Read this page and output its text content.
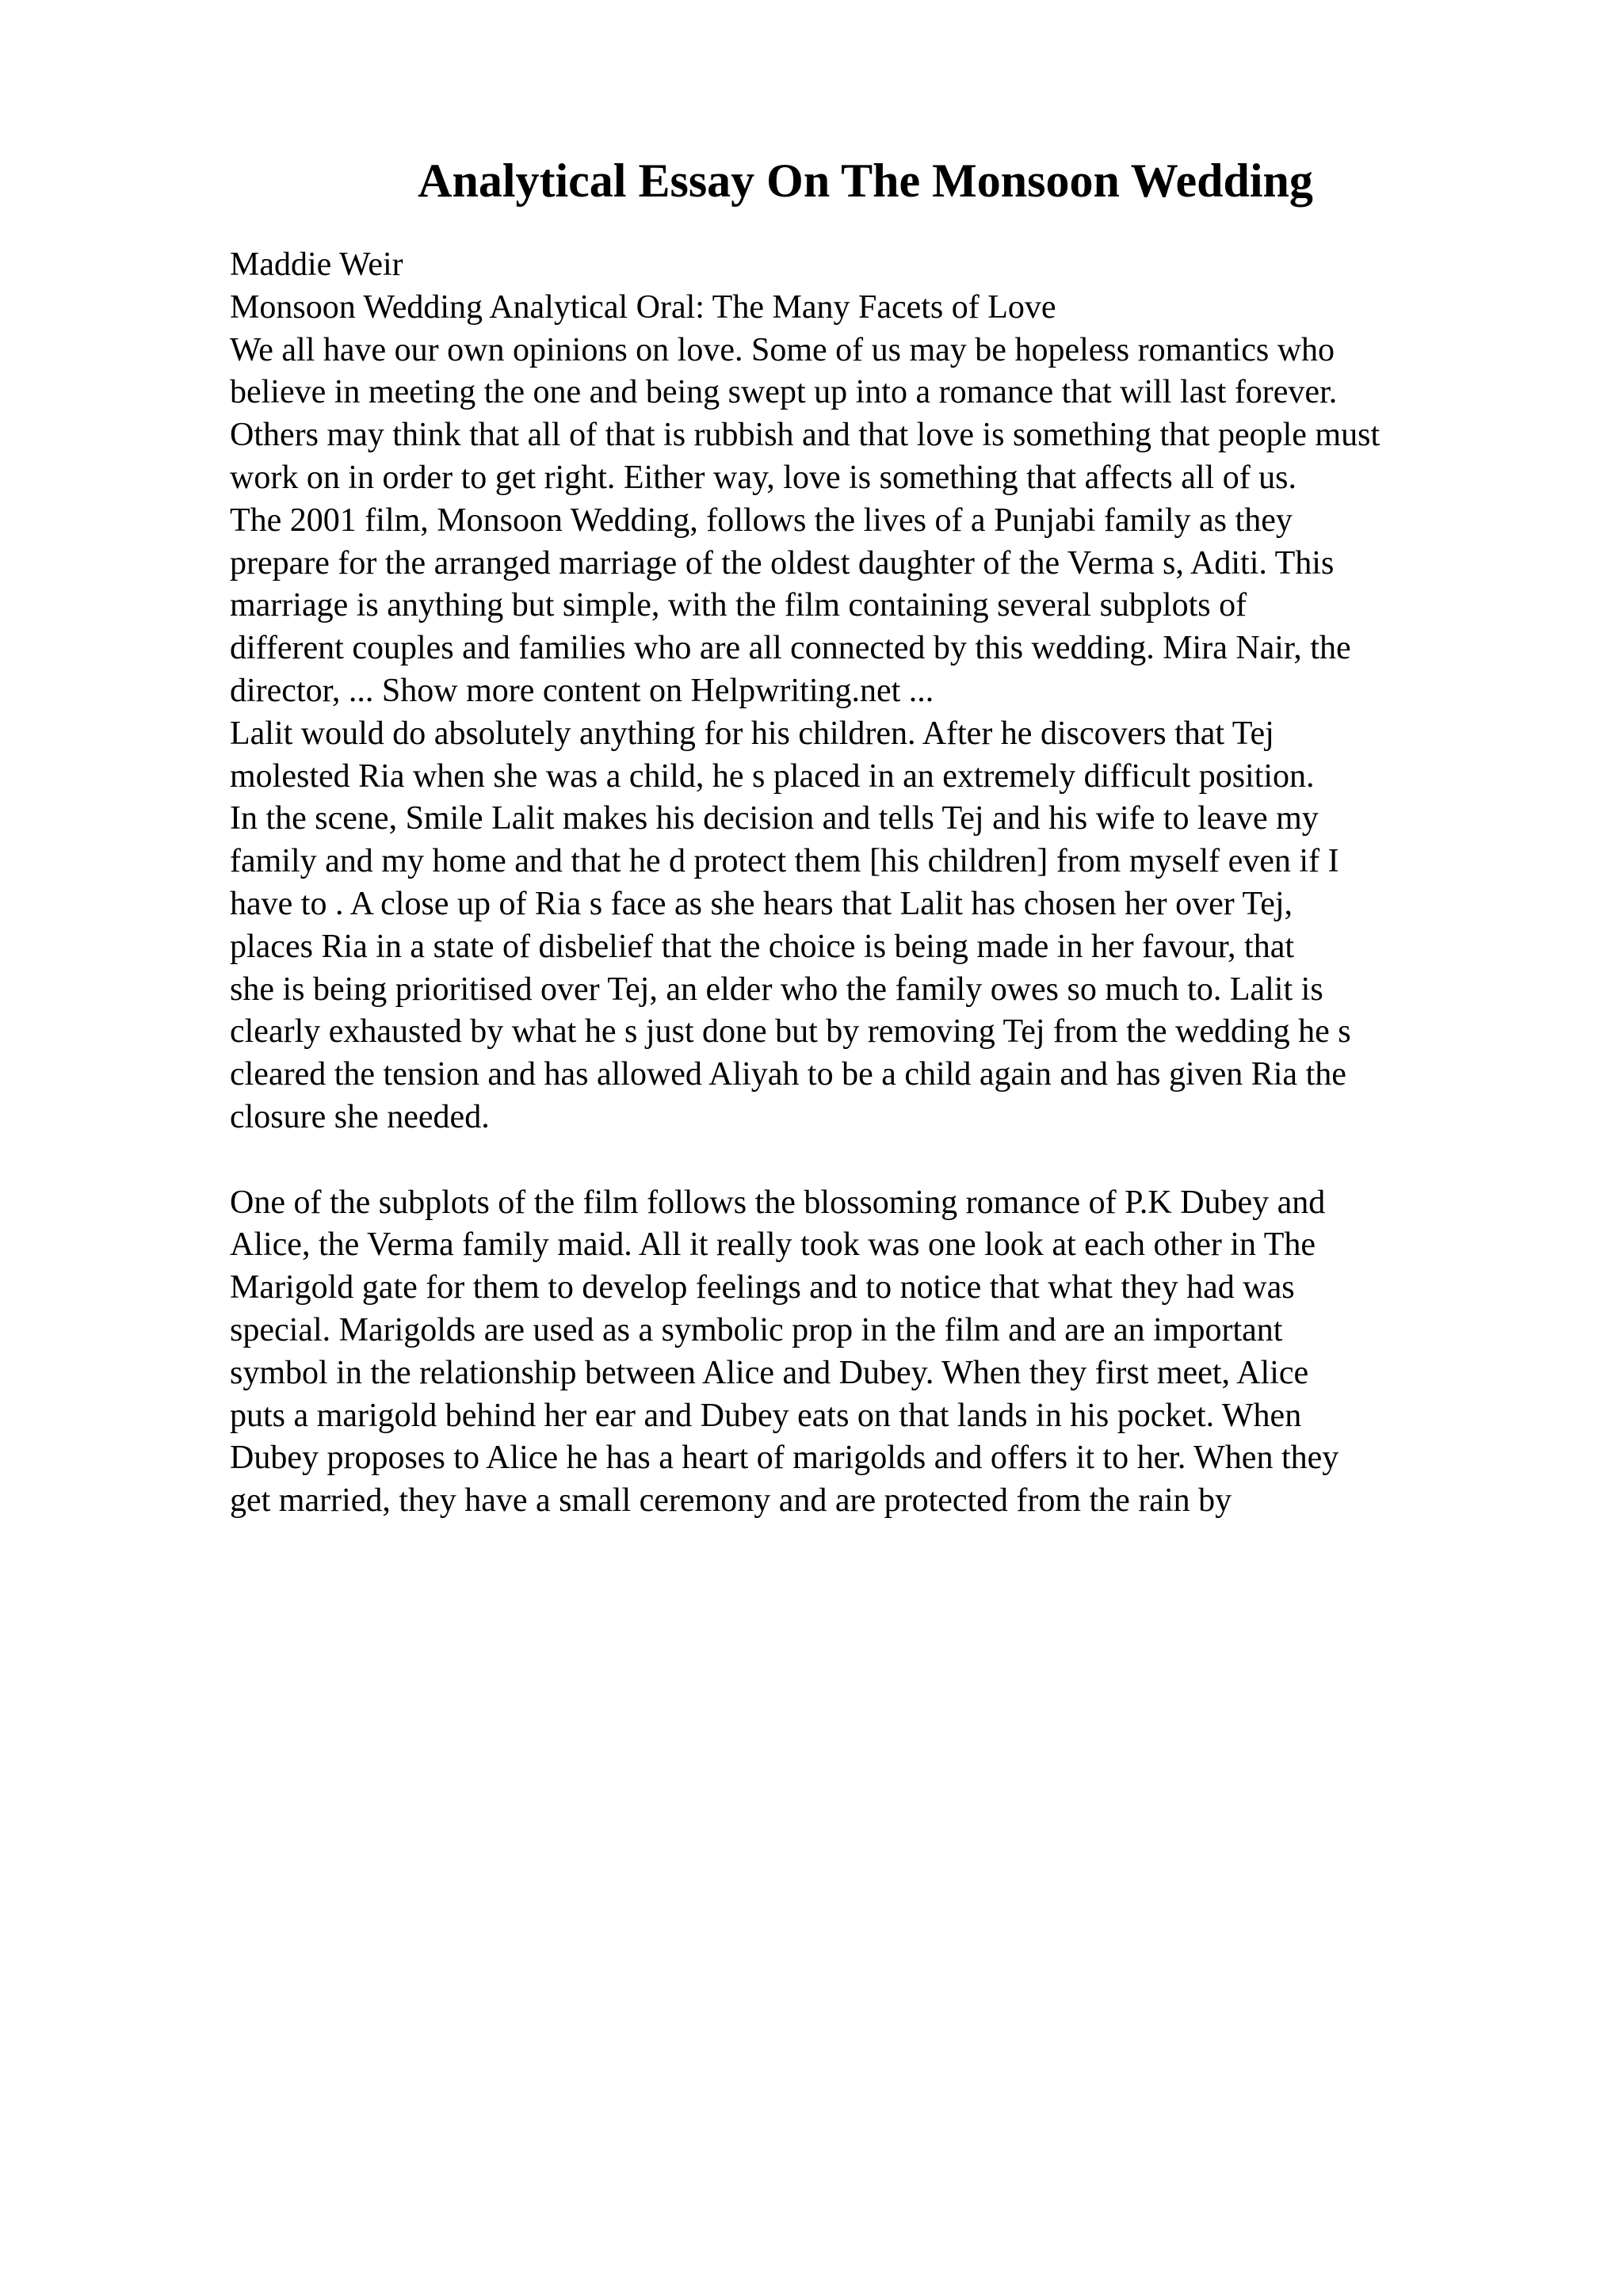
Analytical Essay On The Monsoon Wedding
Maddie Weir
Monsoon Wedding Analytical Oral: The Many Facets of Love
We all have our own opinions on love. Some of us may be hopeless romantics who
believe in meeting the one and being swept up into a romance that will last forever.
Others may think that all of that is rubbish and that love is something that people must
work on in order to get right. Either way, love is something that affects all of us.
The 2001 film, Monsoon Wedding, follows the lives of a Punjabi family as they
prepare for the arranged marriage of the oldest daughter of the Verma s, Aditi. This
marriage is anything but simple, with the film containing several subplots of
different couples and families who are all connected by this wedding. Mira Nair, the
director, ... Show more content on Helpwriting.net ...
Lalit would do absolutely anything for his children. After he discovers that Tej
molested Ria when she was a child, he s placed in an extremely difficult position.
In the scene, Smile Lalit makes his decision and tells Tej and his wife to leave my
family and my home and that he d protect them [his children] from myself even if I
have to . A close up of Ria s face as she hears that Lalit has chosen her over Tej,
places Ria in a state of disbelief that the choice is being made in her favour, that
she is being prioritised over Tej, an elder who the family owes so much to. Lalit is
clearly exhausted by what he s just done but by removing Tej from the wedding he s
cleared the tension and has allowed Aliyah to be a child again and has given Ria the
closure she needed.
One of the subplots of the film follows the blossoming romance of P.K Dubey and
Alice, the Verma family maid. All it really took was one look at each other in The
Marigold gate for them to develop feelings and to notice that what they had was
special. Marigolds are used as a symbolic prop in the film and are an important
symbol in the relationship between Alice and Dubey. When they first meet, Alice
puts a marigold behind her ear and Dubey eats on that lands in his pocket. When
Dubey proposes to Alice he has a heart of marigolds and offers it to her. When they
get married, they have a small ceremony and are protected from the rain by
